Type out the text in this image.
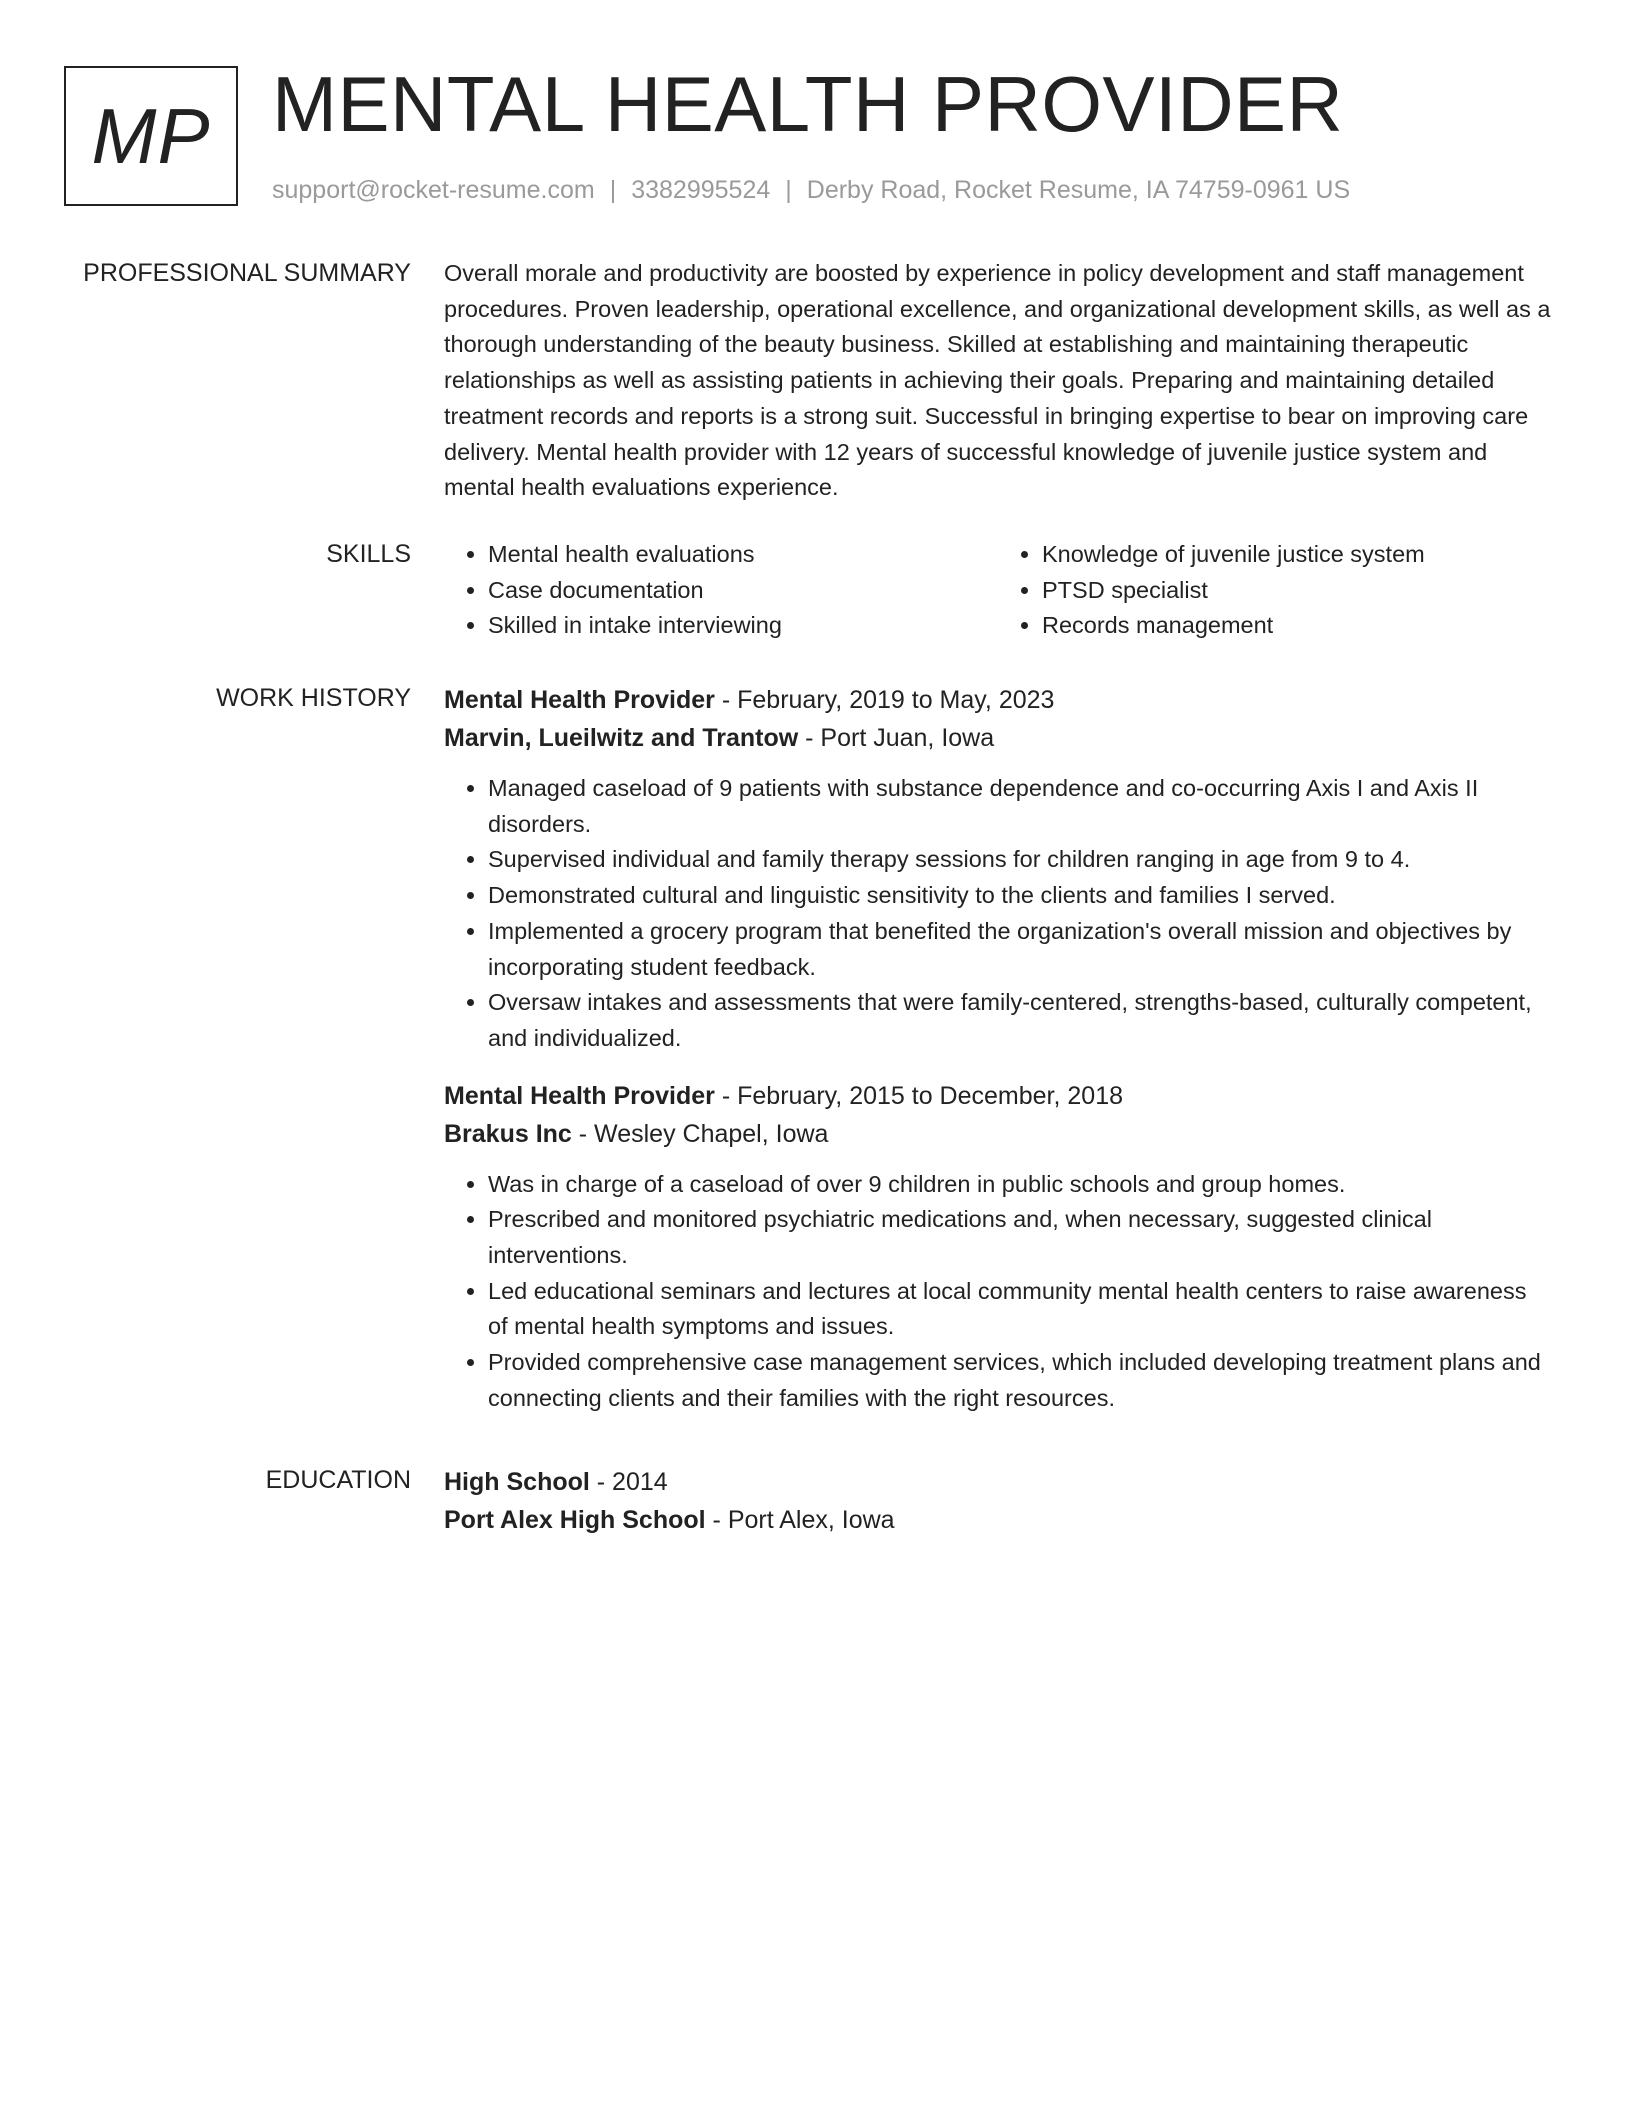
MP MENTAL HEALTH PROVIDER
support@rocket-resume.com | 3382995524 | Derby Road, Rocket Resume, IA 74759-0961 US
PROFESSIONAL SUMMARY Overall morale and productivity are boosted by experience in policy development and staff management procedures. Proven leadership, operational excellence, and organizational development skills, as well as a thorough understanding of the beauty business. Skilled at establishing and maintaining therapeutic relationships as well as assisting patients in achieving their goals. Preparing and maintaining detailed treatment records and reports is a strong suit. Successful in bringing expertise to bear on improving care delivery. Mental health provider with 12 years of successful knowledge of juvenile justice system and mental health evaluations experience.

SKILLS
•	Mental health evaluations
• Case documentation
• Skilled in intake interviewing
• Knowledge of juvenile justice system
• PTSD specialist
• Records management
WORK HISTORY Mental Health Provider - February, 2019 to May, 2023
Marvin, Lueilwitz and Trantow - Port Juan, Iowa
• Managed caseload of 9 patients with substance dependence and co-occurring Axis I and Axis II disorders.
• Supervised individual and family therapy sessions for children ranging in age from 9 to 4.
• Demonstrated cultural and linguistic sensitivity to the clients and families I served.
• Implemented a grocery program that benefited the organization's overall mission and objectives by incorporating student feedback.
• Oversaw intakes and assessments that were family-centered, strengths-based, culturally competent, and individualized.
Mental Health Provider - February, 2015 to December, 2018
Brakus Inc - Wesley Chapel, Iowa
• Was in charge of a caseload of over 9 children in public schools and group homes.
• Prescribed and monitored psychiatric medications and, when necessary, suggested clinical interventions.
• Led educational seminars and lectures at local community mental health centers to raise awareness of mental health symptoms and issues.
• Provided comprehensive case management services, which included developing treatment plans and connecting clients and their families with the right resources.
EDUCATION High School - 2014
Port Alex High School - Port Alex, Iowa
